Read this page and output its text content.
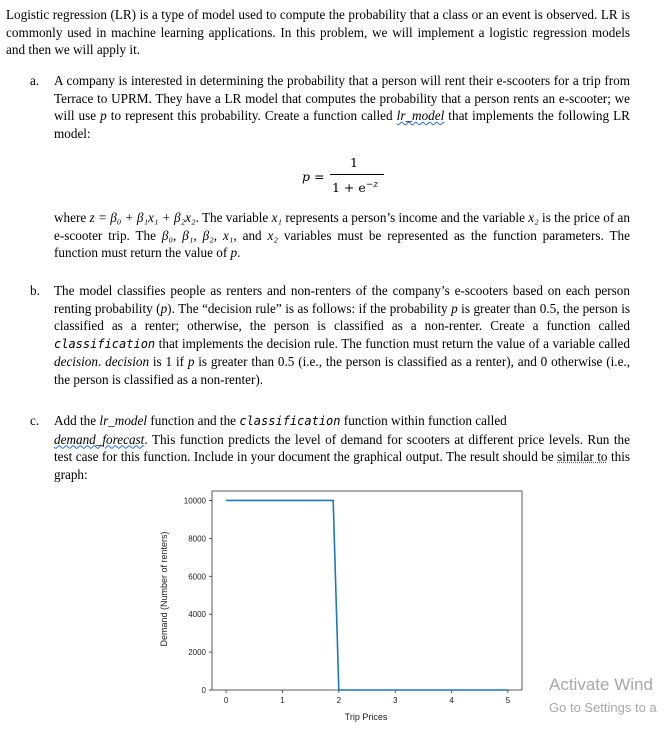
Logistic regression (LR) is a type of model used to compute the probability that a class or an event is observed. LR is commonly used in machine learning applications. In this problem, we will implement a logistic regression models and then we will apply it.
a. A company is interested in determining the probability that a person will rent their e-scooters for a trip from Terrace to UPRM. They have a LR model that computes the probability that a person rents an e-scooter; we will use p to represent this probability. Create a function called lr_model that implements the following LR model:
where z = β₀ + β₁x₁ + β₂x₂. The variable x₁ represents a person’s income and the variable x₂ is the price of an e-scooter trip. The β₀, β₁, β₂, x₁, and x₂ variables must be represented as the function parameters. The function must return the value of p.
p =
1
$1 + e^{-z}$
b. The model classifies people as renters and non-renters of the company’s e-scooters based on each person renting probability (p). The “decision rule” is as follows: if the probability p is greater than 0.5, the person is classified as a renter; otherwise, the person is classified as a non-renter. Create a function called classification that implements the decision rule. The function must return the value of a variable called decision. decision is 1 if p is greater than 0.5 (i.e., the person is classified as a renter), and 0 otherwise (i.e., the person is classified as a non-renter).
c. Add the lr_model function and the classification function within function called
demand_forecast. This function predicts the level of demand for scooters at different price levels. Run the test case for this function. Include in your document the graphical output. The result should be similar to this graph:
0
2000
4000
6000
8000
10000
0	1	2	3	4	5
Trip Prices
Demand (Number of renters)
Activate Wind
Go to Settings to a
